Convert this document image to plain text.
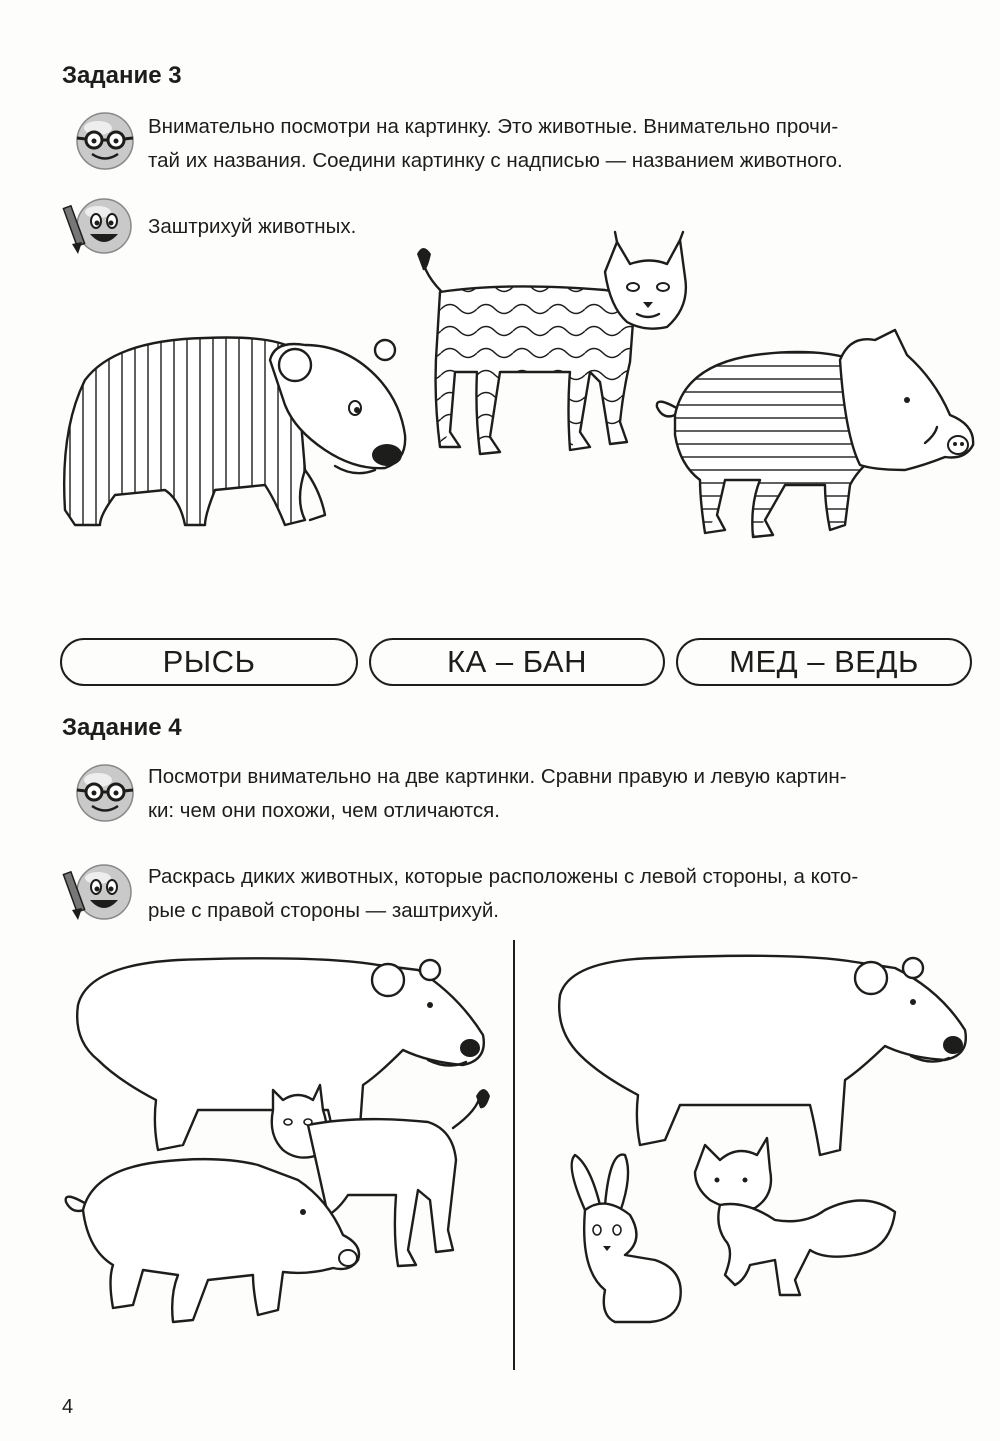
Задание 3
Внимательно посмотри на картинку. Это животные. Внимательно прочи-
тай их названия. Соедини картинку с надписью — названием животного.
Заштрихуй животных.
РЫСЬ	КА – БАН	МЕД – ВЕДЬ
Задание 4
Посмотри внимательно на две картинки. Сравни правую и левую картин-
ки: чем они похожи, чем отличаются.
Раскрась диких животных, которые расположены с левой стороны, а кото-
рые с правой стороны — заштрихуй.
4
